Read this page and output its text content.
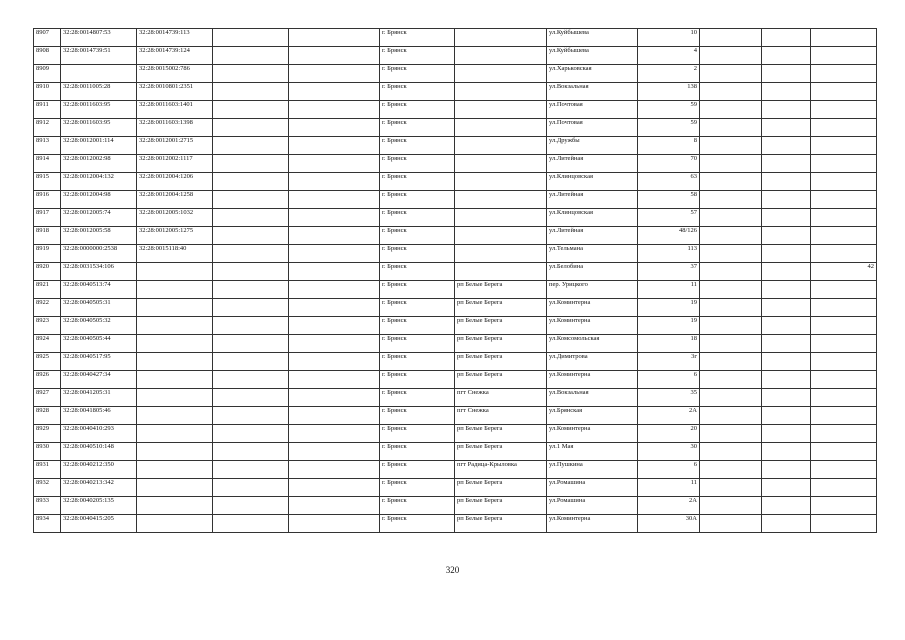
8907	32:28:0014807:53	32:28:0014739:113			г. Брянск		ул.Куйбышева	10			
8908	32:28:0014739:51	32:28:0014739:124			г. Брянск		ул.Куйбышева	4			
8909		32:28:0015002:786			г. Брянск		ул.Харьковская	2			
8910	32:28:0011005:28	32:28:0010801:2351			г. Брянск		ул.Вокзальная	138			
8911	32:28:0011603:95	32:28:0011603:1401			г. Брянск		ул.Почтовая	59			
8912	32:28:0011603:95	32:28:0011603:1398			г. Брянск		ул.Почтовая	59			
8913	32:28:0012001:114	32:28:0012001:2715			г. Брянск		ул.Дружбы	8			
8914	32:28:0012002:98	32:28:0012002:1117			г. Брянск		ул.Литейная	70			
8915	32:28:0012004:132	32:28:0012004:1206			г. Брянск		ул.Клинцовская	63			
8916	32:28:0012004:98	32:28:0012004:1258			г. Брянск		ул.Литейная	58			
8917	32:28:0012005:74	32:28:0012005:1032			г. Брянск		ул.Клинцовская	57			
8918	32:28:0012005:58	32:28:0012005:1275			г. Брянск		ул.Литейная	48/126			
8919	32:28:0000000:2538	32:28:0015118:40			г. Брянск		ул.Тельмана	113			
8920	32:28:0031534:106				г. Брянск		ул.Белобина	37			42
8921	32:28:0040513:74				г. Брянск	рп Белые Берега	пер. Урицкого	11			
8922	32:28:0040505:31				г. Брянск	рп Белые Берега	ул.Коминтерна	19			
8923	32:28:0040505:32				г. Брянск	рп Белые Берега	ул.Коминтерна	19			
8924	32:28:0040505:44				г. Брянск	рп Белые Берега	ул.Комсомольская	18			
8925	32:28:0040517:95				г. Брянск	рп Белые Берега	ул.Димитрова	3г			
8926	32:28:0040427:34				г. Брянск	рп Белые Берега	ул.Коминтерна	6			
8927	32:28:0041205:31				г. Брянск	пгт Снежка	ул.Вокзальная	35			
8928	32:28:0041805:46				г. Брянск	пгт Снежка	ул.Брянская	2А			
8929	32:28:0040410:293				г. Брянск	рп Белые Берега	ул.Коминтерна	20			
8930	32:28:0040510:148				г. Брянск	рп Белые Берега	ул.1 Мая	30			
8931	32:28:0040212:350				г. Брянск	пгт Радица-Крыловка	ул.Пушкина	6			
8932	32:28:0040213:342				г. Брянск	рп Белые Берега	ул.Ромашина	11			
8933	32:28:0040205:135				г. Брянск	рп Белые Берега	ул.Ромашина	2А			
8934	32:28:0040415:205				г. Брянск	рп Белые Берега	ул.Коминтерна	30А			
320
